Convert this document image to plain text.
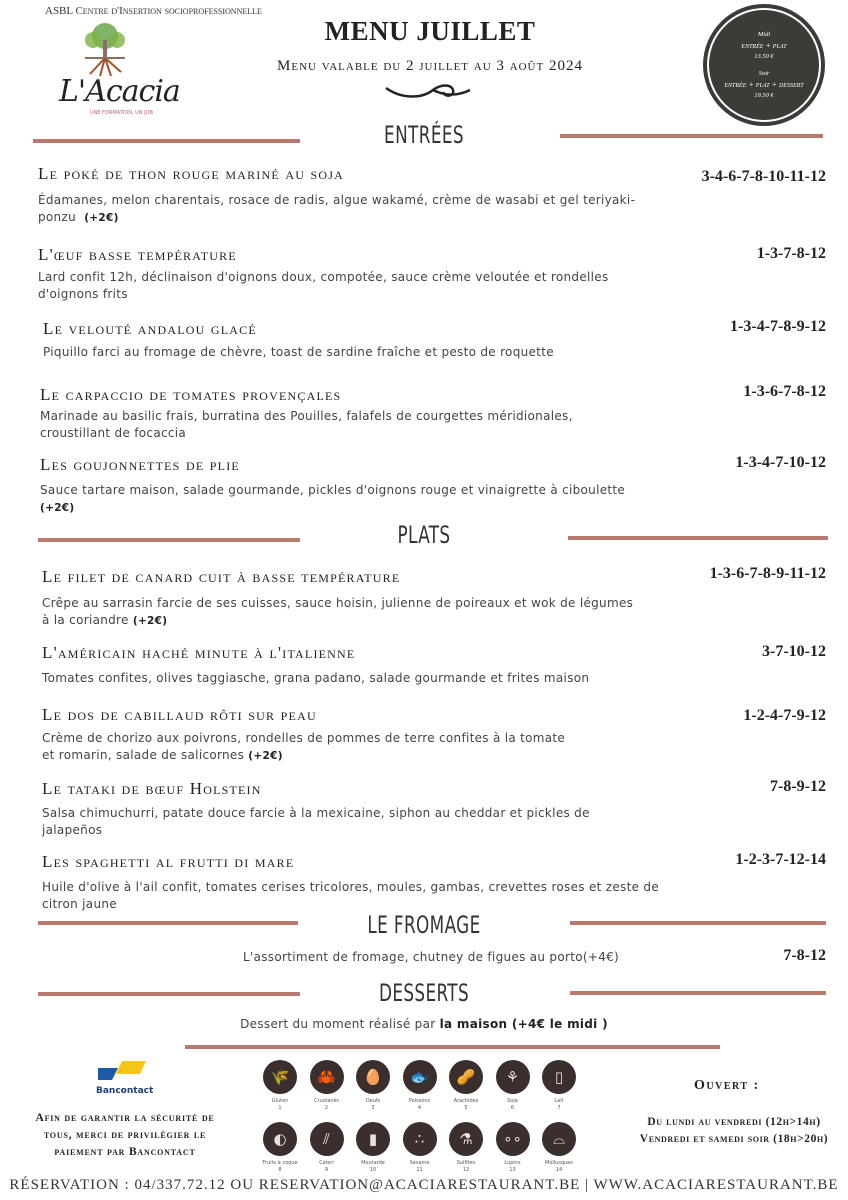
ASBL Centre d'Insertion socioprofessionnelle
L'Acacia
UNE FORMATION, UN JOB
MENU JUILLET
Menu valable du 2 juillet au 3 août 2024
Midi
entrée + plat
13.50 €
Soir
entrée + plat + dessert
19.50 €
ENTRÉES
Le poké de thon rouge mariné au soja	3-4-6-7-8-10-11-12
Édamanes, melon charentais, rosace de radis, algue wakamé, crème de wasabi et gel teriyaki-ponzu (+2€)
L'œuf basse température	1-3-7-8-12
Lard confit 12h, déclinaison d'oignons doux, compotée, sauce crème veloutée et rondelles d'oignons frits
Le velouté andalou glacé	1-3-4-7-8-9-12
Piquillo farci au fromage de chèvre, toast de sardine fraîche et pesto de roquette
Le carpaccio de tomates provençales	1-3-6-7-8-12
Marinade au basilic frais, burratina des Pouilles, falafels de courgettes méridionales, croustillant de focaccia
Les goujonnettes de plie	1-3-4-7-10-12
Sauce tartare maison, salade gourmande, pickles d'oignons rouge et vinaigrette à ciboulette
(+2€)
PLATS
Le filet de canard cuit à basse température	1-3-6-7-8-9-11-12
Crêpe au sarrasin farcie de ses cuisses, sauce hoisin, julienne de poireaux et wok de légumes à la coriandre (+2€)
L'américain haché minute à l'italienne	3-7-10-12
Tomates confites, olives taggiasche, grana padano, salade gourmande et frites maison
Le dos de cabillaud rôti sur peau	1-2-4-7-9-12
Crème de chorizo aux poivrons, rondelles de pommes de terre confites à la tomate et romarin, salade de salicornes (+2€)
Le tataki de bœuf Holstein	7-8-9-12
Salsa chimuchurri, patate douce farcie à la mexicaine, siphon au cheddar et pickles de jalapeños
Les spaghetti al frutti di mare	1-2-3-7-12-14
Huile d'olive à l'ail confit, tomates cerises tricolores, moules, gambas, crevettes roses et zeste de citron jaune
LE FROMAGE
L'assortiment de fromage, chutney de figues au porto(+4€)	7-8-12
DESSERTS
Dessert du moment réalisé par la maison (+4€ le midi )
Bancontact
Afin de garantir la sécurité de tous, merci de privilégier le paiement par Bancontact
🌾
Gluten
1
🦀
Crustacés
2
🥚
Oeufs
3
🐟
Poissons
4
🥜
Arachides
5
⚘
Soja
6
▯
Lait
7
◐
Fruits à coque
8
⫽
Céleri
9
▮
Moutarde
10
∴
Sésame
11
⚗
Sulfites
12
∘∘
Lupins
13
⌓
Mollusques
14
Ouvert :
Du lundi au vendredi (12h>14h)
Vendredi et samedi soir (18h>20h)
RÉSERVATION : 04/337.72.12 OU RESERVATION@ACACIARESTAURANT.BE | WWW.ACACIARESTAURANT.BE
